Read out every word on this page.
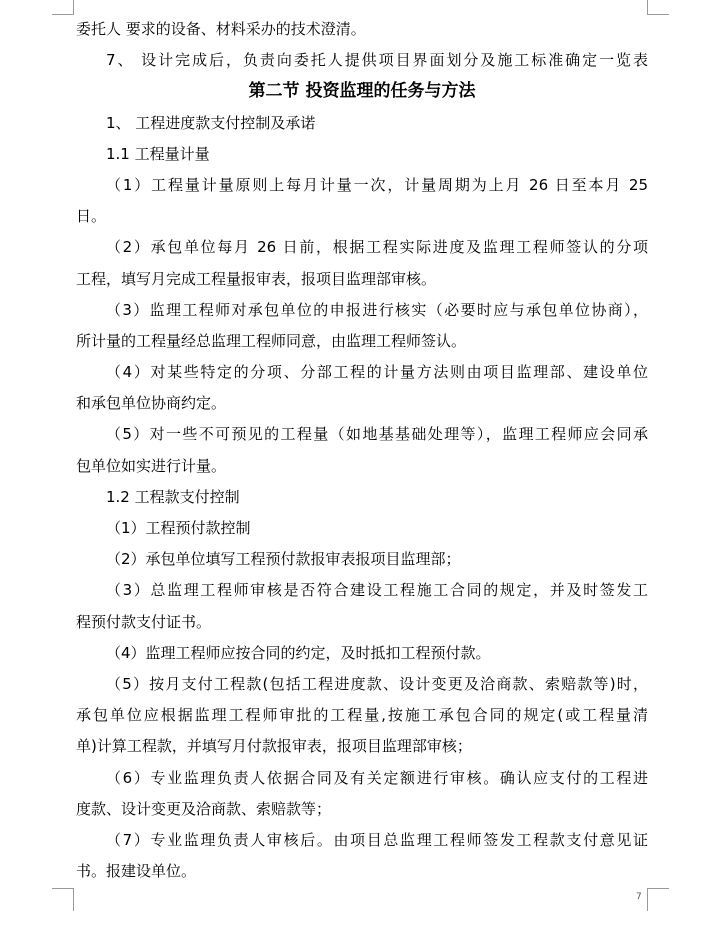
委托人 要求的设备、材料采办的技术澄清。
7、 设计完成后，负责向委托人提供项目界面划分及施工标准确定一览表
第二节 投资监理的任务与方法
1、 工程进度款支付控制及承诺
1.1 工程量计量
（1）工程量计量原则上每月计量一次，计量周期为上月 26 日至本月 25
日。
（2）承包单位每月 26 日前，根据工程实际进度及监理工程师签认的分项
工程，填写月完成工程量报审表，报项目监理部审核。
（3）监理工程师对承包单位的申报进行核实（必要时应与承包单位协商），
所计量的工程量经总监理工程师同意，由监理工程师签认。
（4）对某些特定的分项、分部工程的计量方法则由项目监理部、建设单位
和承包单位协商约定。
（5）对一些不可预见的工程量（如地基基础处理等），监理工程师应会同承
包单位如实进行计量。
1.2 工程款支付控制
（1）工程预付款控制
（2）承包单位填写工程预付款报审表报项目监理部；
（3）总监理工程师审核是否符合建设工程施工合同的规定，并及时签发工
程预付款支付证书。
（4）监理工程师应按合同的约定，及时抵扣工程预付款。
（5）按月支付工程款(包括工程进度款、设计变更及洽商款、索赔款等)时，
承包单位应根据监理工程师审批的工程量,按施工承包合同的规定(或工程量清
单)计算工程款，并填写月付款报审表，报项目监理部审核；
（6）专业监理负责人依据合同及有关定额进行审核。确认应支付的工程进
度款、设计变更及洽商款、索赔款等；
（7）专业监理负责人审核后。由项目总监理工程师签发工程款支付意见证
书。报建设单位。
7
